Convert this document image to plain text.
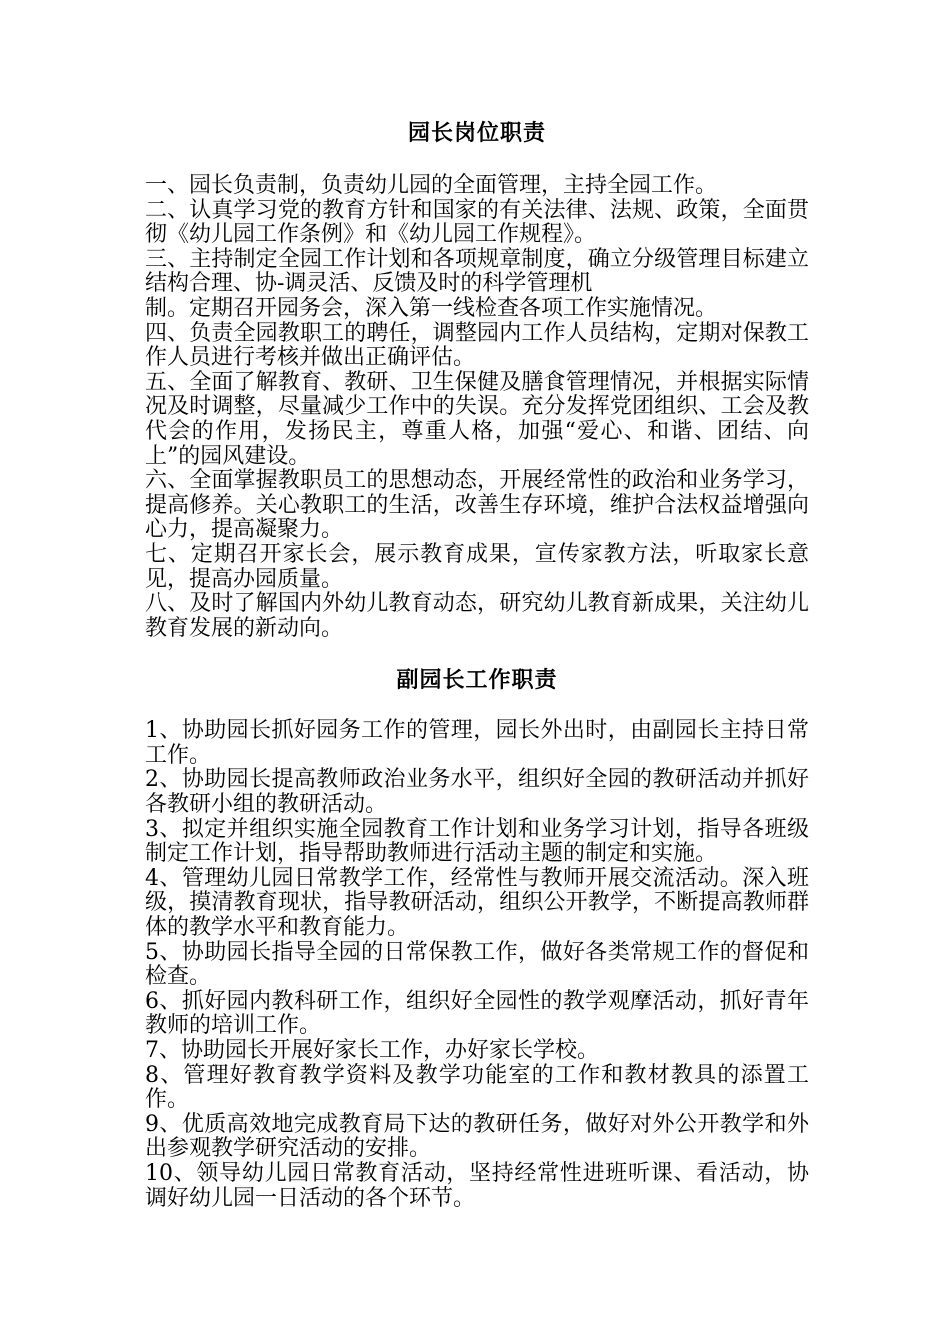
园长岗位职责

一、园长负责制，负责幼儿园的全面管理，主持全园工作。

二、认真学习党的教育方针和国家的有关法律、法规、政策，全面贯彻《幼儿园工作条例》和《幼儿园工作规程》。

三、主持制定全园工作计划和各项规章制度，确立分级管理目标建立结构合理、协-调灵活、反馈及时的科学管理机

制。定期召开园务会，深入第一线检查各项工作实施情况。

四、负责全园教职工的聘任，调整园内工作人员结构，定期对保教工作人员进行考核并做出正确评估。

五、全面了解教育、教研、卫生保健及膳食管理情况，并根据实际情况及时调整，尽量减少工作中的失误。充分发挥党团组织、工会及教代会的作用，发扬民主，尊重人格，加强“爱心、和谐、团结、向上”的园风建设。

六、全面掌握教职员工的思想动态，开展经常性的政治和业务学习，提高修养。关心教职工的生活，改善生存环境，维护合法权益增强向心力，提高凝聚力。

七、定期召开家长会，展示教育成果，宣传家教方法，听取家长意见，提高办园质量。

八、及时了解国内外幼儿教育动态，研究幼儿教育新成果，关注幼儿教育发展的新动向。

副园长工作职责

1、协助园长抓好园务工作的管理，园长外出时，由副园长主持日常工作。

2、协助园长提高教师政治业务水平，组织好全园的教研活动并抓好各教研小组的教研活动。

3、拟定并组织实施全园教育工作计划和业务学习计划，指导各班级制定工作计划，指导帮助教师进行活动主题的制定和实施。

4、管理幼儿园日常教学工作，经常性与教师开展交流活动。深入班级，摸清教育现状，指导教研活动，组织公开教学，不断提高教师群体的教学水平和教育能力。

5、协助园长指导全园的日常保教工作，做好各类常规工作的督促和检查。

6、抓好园内教科研工作，组织好全园性的教学观摩活动，抓好青年教师的培训工作。

7、协助园长开展好家长工作，办好家长学校。

8、管理好教育教学资料及教学功能室的工作和教材教具的添置工作。

9、优质高效地完成教育局下达的教研任务，做好对外公开教学和外出参观教学研究活动的安排。

10、领导幼儿园日常教育活动，坚持经常性进班听课、看活动，协调好幼儿园一日活动的各个环节。
